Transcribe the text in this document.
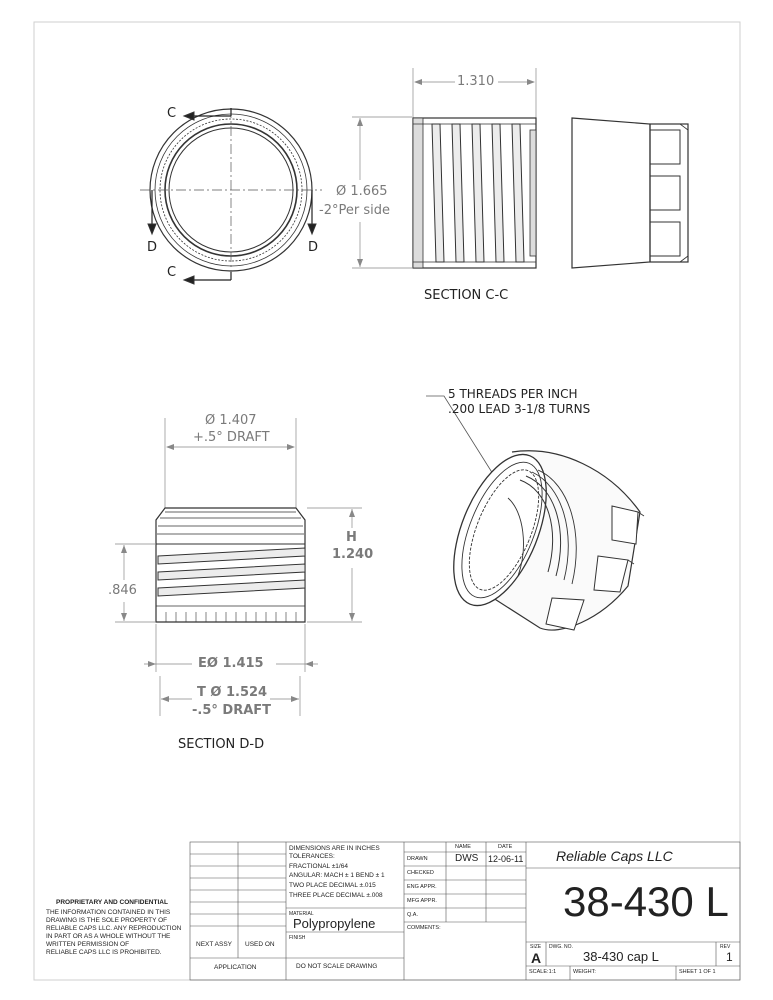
C
C
D	D
1.310
Ø 1.665
-2°Per side
SECTION C-C
5 THREADS PER INCH
.200 LEAD 3-1/8 TURNS
Ø 1.407
+.5° DRAFT
H
1.240
.846
EØ 1.415
T Ø 1.524
-.5° DRAFT
SECTION D-D
PROPRIETARY AND CONFIDENTIAL
THE INFORMATION CONTAINED IN THIS
DRAWING IS THE SOLE PROPERTY OF
RELIABLE CAPS LLC. ANY REPRODUCTION
IN PART OR AS A WHOLE WITHOUT THE
WRITTEN PERMISSION OF
RELIABLE CAPS LLC IS PROHIBITED.
DIMENSIONS ARE IN INCHES
TOLERANCES:
FRACTIONAL ±1/64
ANGULAR: MACH ± 1 BEND ± 1
TWO PLACE DECIMAL ±.015
THREE PLACE DECIMAL ±.008
MATERIAL
Polypropylene
FINISH
DO NOT SCALE DRAWING
NEXT ASSY USED ON
APPLICATION
NAME	DATE
DRAWN	DWS 12-06-11
CHECKED
ENG APPR.
MFG APPR.
Q.A.
COMMENTS:
Reliable Caps LLC
38-430 L
SIZE
A
DWG. NO.
38-430 cap L
REV
1
SCALE:1:1	WEIGHT:	SHEET 1 OF 1
